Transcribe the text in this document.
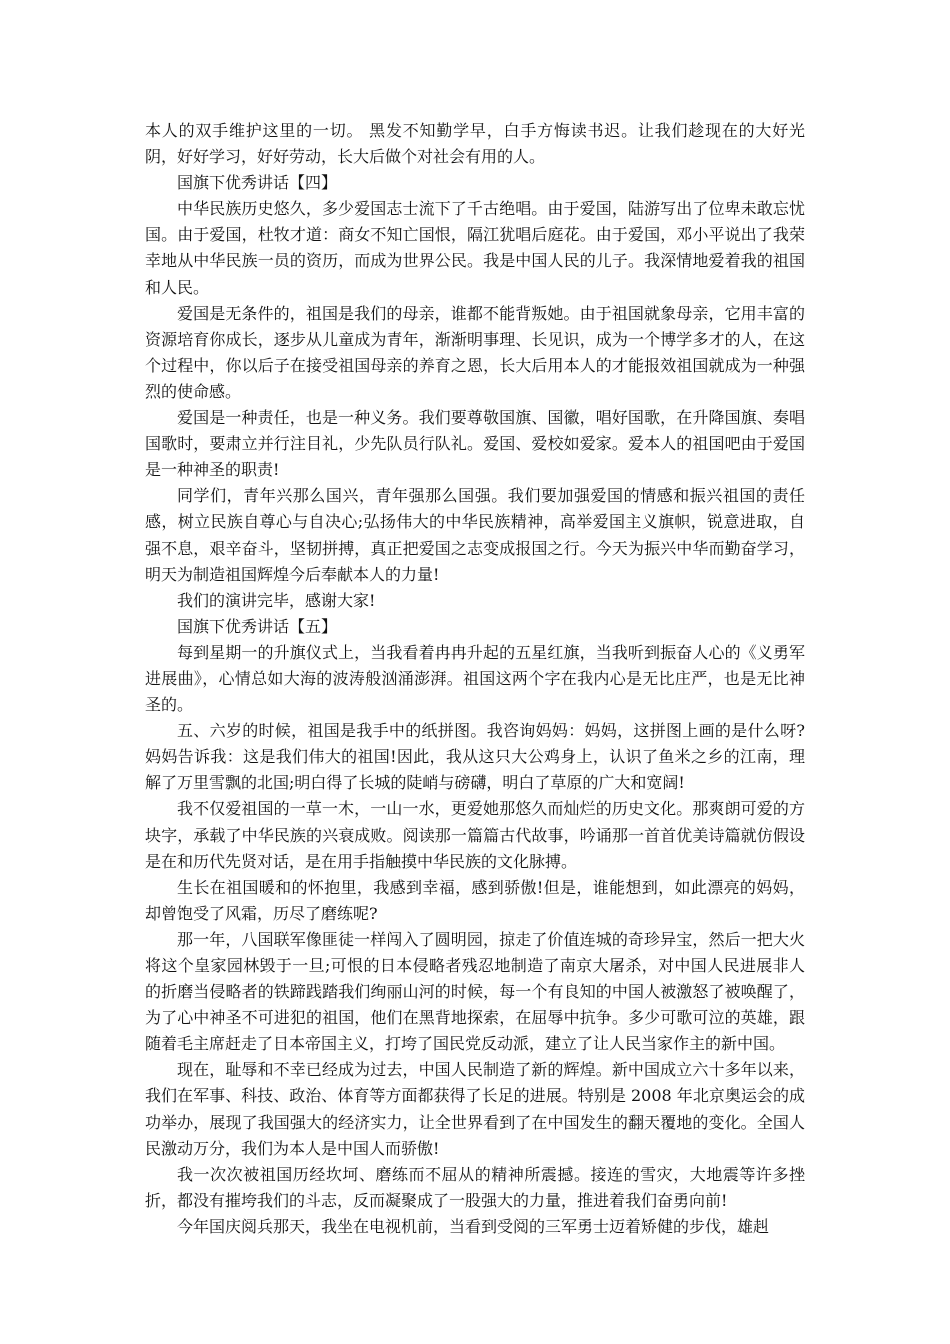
本人的双手维护这里的一切。 黑发不知勤学早，白手方悔读书迟。让我们趁现在的大好光阴，好好学习，好好劳动，长大后做个对社会有用的人。

国旗下优秀讲话【四】

中华民族历史悠久，多少爱国志士流下了千古绝唱。由于爱国，陆游写出了位卑未敢忘忧国。由于爱国，杜牧才道：商女不知亡国恨，隔江犹唱后庭花。由于爱国，邓小平说出了我荣幸地从中华民族一员的资历，而成为世界公民。我是中国人民的儿子。我深情地爱着我的祖国和人民。

爱国是无条件的，祖国是我们的母亲，谁都不能背叛她。由于祖国就象母亲，它用丰富的资源培育你成长，逐步从儿童成为青年，渐渐明事理、长见识，成为一个博学多才的人，在这个过程中，你以后子在接受祖国母亲的养育之恩，长大后用本人的才能报效祖国就成为一种强烈的使命感。

爱国是一种责任，也是一种义务。我们要尊敬国旗、国徽，唱好国歌，在升降国旗、奏唱国歌时，要肃立并行注目礼，少先队员行队礼。爱国、爱校如爱家。爱本人的祖国吧由于爱国是一种神圣的职责!

同学们，青年兴那么国兴，青年强那么国强。我们要加强爱国的情感和振兴祖国的责任感，树立民族自尊心与自决心;弘扬伟大的中华民族精神，高举爱国主义旗帜，锐意进取，自强不息，艰辛奋斗，坚韧拼搏，真正把爱国之志变成报国之行。今天为振兴中华而勤奋学习，明天为制造祖国辉煌今后奉献本人的力量!

我们的演讲完毕，感谢大家!

国旗下优秀讲话【五】

每到星期一的升旗仪式上，当我看着冉冉升起的五星红旗，当我听到振奋人心的《义勇军进展曲》，心情总如大海的波涛般汹涌澎湃。祖国这两个字在我内心是无比庄严，也是无比神圣的。

五、六岁的时候，祖国是我手中的纸拼图。我咨询妈妈：妈妈，这拼图上画的是什么呀?妈妈告诉我：这是我们伟大的祖国!因此，我从这只大公鸡身上，认识了鱼米之乡的江南，理解了万里雪飘的北国;明白得了长城的陡峭与磅礴，明白了草原的广大和宽阔!

我不仅爱祖国的一草一木，一山一水，更爱她那悠久而灿烂的历史文化。那爽朗可爱的方块字，承载了中华民族的兴衰成败。阅读那一篇篇古代故事，吟诵那一首首优美诗篇就仿假设是在和历代先贤对话，是在用手指触摸中华民族的文化脉搏。

生长在祖国暖和的怀抱里，我感到幸福，感到骄傲!但是，谁能想到，如此漂亮的妈妈，却曾饱受了风霜，历尽了磨练呢?

那一年，八国联军像匪徒一样闯入了圆明园，掠走了价值连城的奇珍异宝，然后一把大火将这个皇家园林毁于一旦;可恨的日本侵略者残忍地制造了南京大屠杀，对中国人民进展非人的折磨当侵略者的铁蹄践踏我们绚丽山河的时候，每一个有良知的中国人被激怒了被唤醒了，为了心中神圣不可进犯的祖国，他们在黑背地探索，在屈辱中抗争。多少可歌可泣的英雄，跟随着毛主席赶走了日本帝国主义，打垮了国民党反动派，建立了让人民当家作主的新中国。

现在，耻辱和不幸已经成为过去，中国人民制造了新的辉煌。新中国成立六十多年以来，我们在军事、科技、政治、体育等方面都获得了长足的进展。特别是 2008 年北京奥运会的成功举办，展现了我国强大的经济实力，让全世界看到了在中国发生的翻天覆地的变化。全国人民激动万分，我们为本人是中国人而骄傲!

我一次次被祖国历经坎坷、磨练而不屈从的精神所震撼。接连的雪灾，大地震等许多挫折，都没有摧垮我们的斗志，反而凝聚成了一股强大的力量，推进着我们奋勇向前!

今年国庆阅兵那天，我坐在电视机前，当看到受阅的三军勇士迈着矫健的步伐，雄赳
